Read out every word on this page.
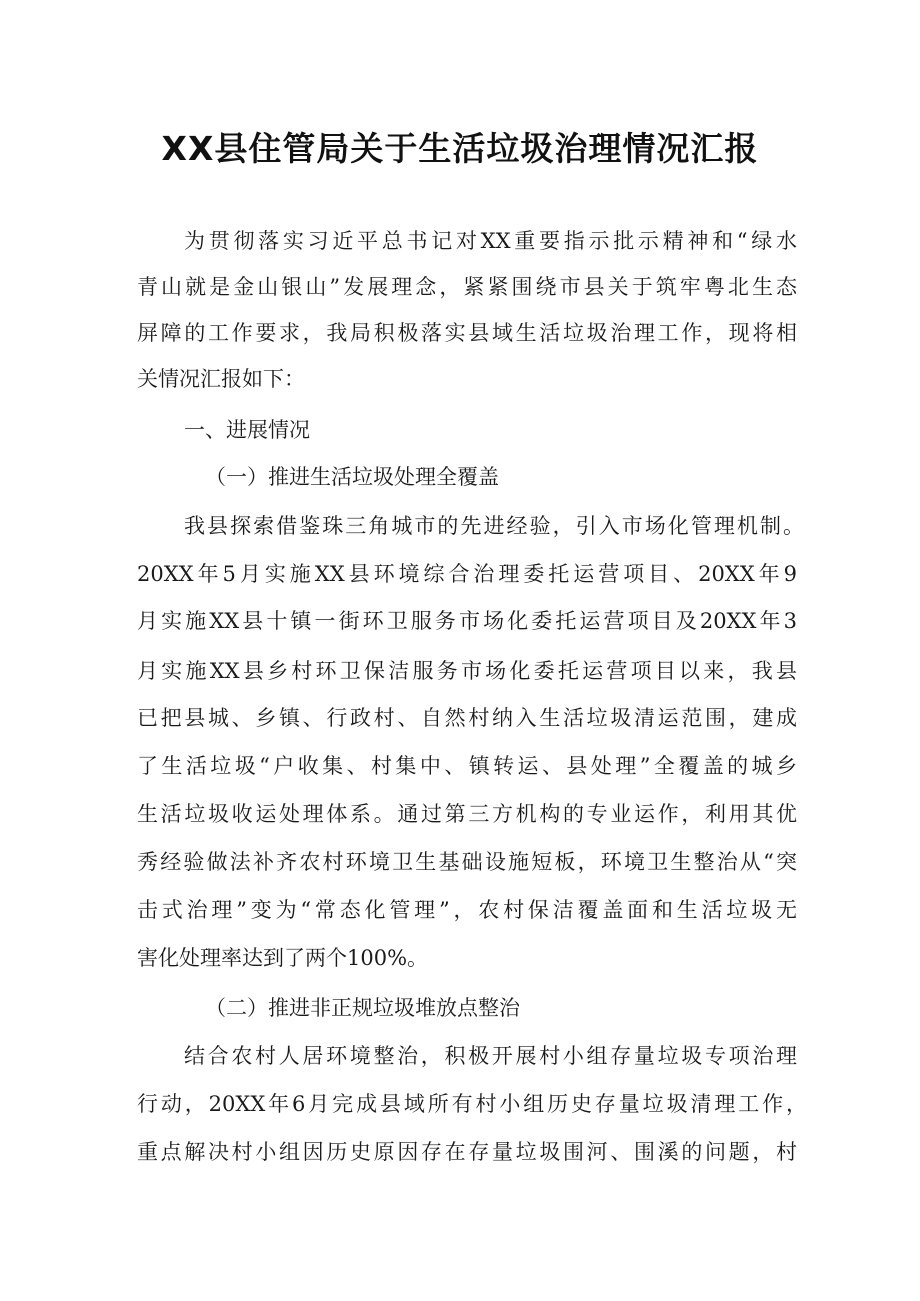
XX县住管局关于生活垃圾治理情况汇报
为贯彻落实习近平总书记对XX重要指示批示精神和“绿水
青山就是金山银山”发展理念，紧紧围绕市县关于筑牢粤北生态
屏障的工作要求，我局积极落实县域生活垃圾治理工作，现将相
关情况汇报如下：
一、进展情况
（一）推进生活垃圾处理全覆盖
我县探索借鉴珠三角城市的先进经验，引入市场化管理机制。
20XX年5月实施XX县环境综合治理委托运营项目、20XX年9
月实施XX县十镇一街环卫服务市场化委托运营项目及20XX年3
月实施XX县乡村环卫保洁服务市场化委托运营项目以来，我县
已把县城、乡镇、行政村、自然村纳入生活垃圾清运范围，建成
了生活垃圾“户收集、村集中、镇转运、县处理”全覆盖的城乡
生活垃圾收运处理体系。通过第三方机构的专业运作，利用其优
秀经验做法补齐农村环境卫生基础设施短板，环境卫生整治从“突
击式治理”变为“常态化管理”，农村保洁覆盖面和生活垃圾无
害化处理率达到了两个100%。
（二）推进非正规垃圾堆放点整治
结合农村人居环境整治，积极开展村小组存量垃圾专项治理
行动，20XX年6月完成县域所有村小组历史存量垃圾清理工作，
重点解决村小组因历史原因存在存量垃圾围河、围溪的问题，村
